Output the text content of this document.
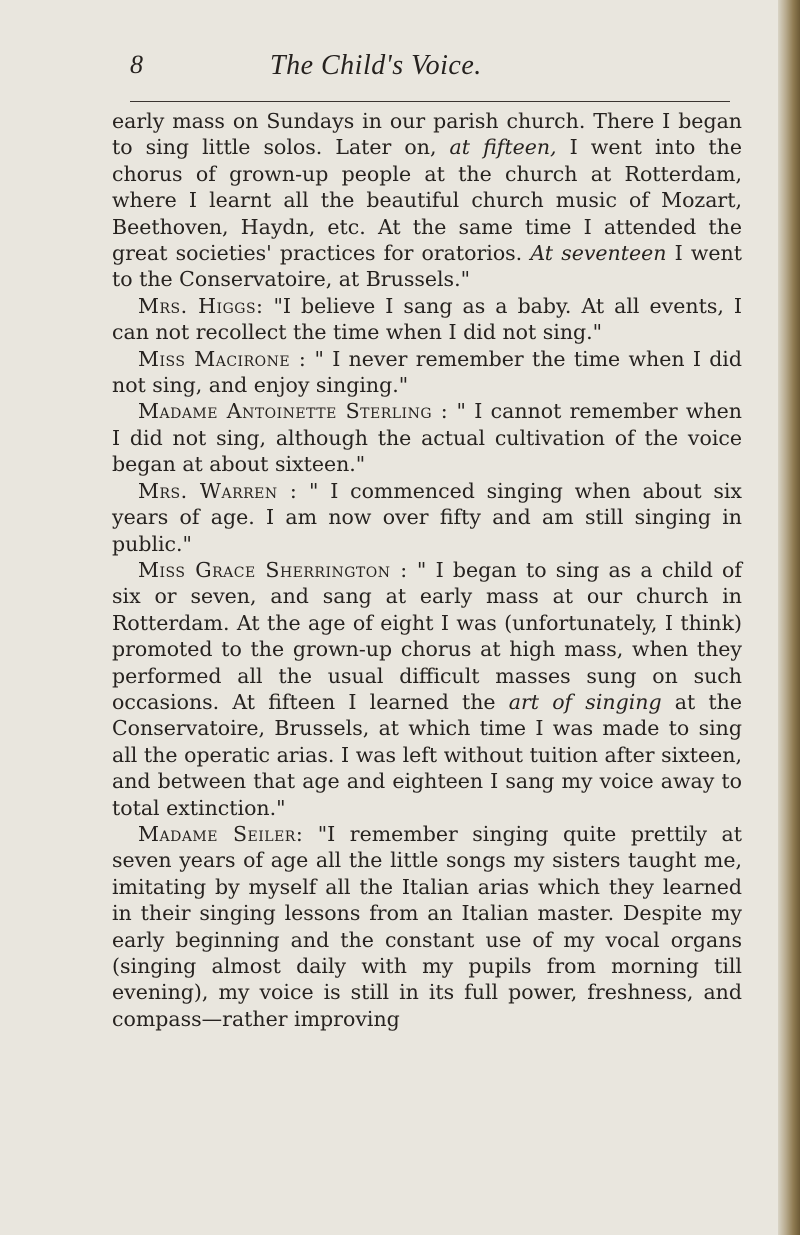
8	The Child's Voice.

early mass on Sundays in our parish church. There I began to sing little solos. Later on, at fifteen, I went into the chorus of grown-up people at the church at Rotterdam, where I learnt all the beautiful church music of Mozart, Beethoven, Haydn, etc. At the same time I attended the great societies' practices for oratorios. At seventeen I went to the Conservatoire, at Brussels."

Mrs. Higgs: "I believe I sang as a baby. At all events, I can not recollect the time when I did not sing."

Miss Macirone : " I never remember the time when I did not sing, and enjoy singing."

Madame Antoinette Sterling : " I cannot remember when I did not sing, although the actual cultivation of the voice began at about sixteen."

Mrs. Warren : " I commenced singing when about six years of age. I am now over fifty and am still singing in public."

Miss Grace Sherrington : " I began to sing as a child of six or seven, and sang at early mass at our church in Rotterdam. At the age of eight I was (unfortunately, I think) promoted to the grown-up chorus at high mass, when they performed all the usual difficult masses sung on such occasions. At fifteen I learned the art of singing at the Conservatoire, Brussels, at which time I was made to sing all the operatic arias. I was left without tuition after sixteen, and between that age and eighteen I sang my voice away to total extinction."

Madame Seiler: "I remember singing quite prettily at seven years of age all the little songs my sisters taught me, imitating by myself all the Italian arias which they learned in their singing lessons from an Italian master. Despite my early beginning and the constant use of my vocal organs (singing almost daily with my pupils from morning till evening), my voice is still in its full power, freshness, and compass—rather improving
